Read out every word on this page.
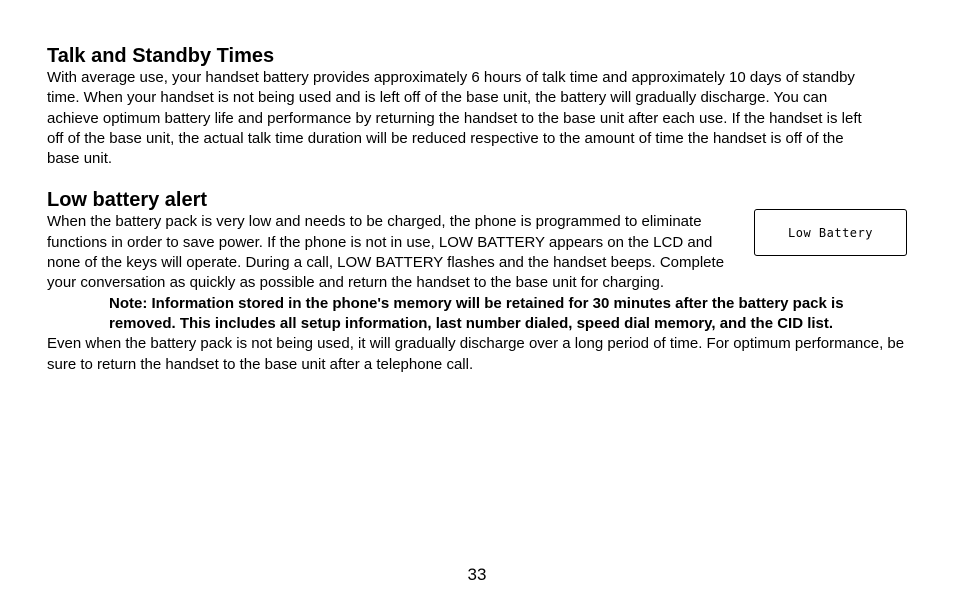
Talk and Standby Times

With average use, your handset battery provides approximately 6 hours of talk time and approximately 10 days of standby time. When your handset is not being used and is left off of the base unit, the battery will gradually discharge. You can achieve optimum battery life and performance by returning the handset to the base unit after each use. If the handset is left off of the base unit, the actual talk time duration will be reduced respective to the amount of time the handset is off of the base unit.

Low battery alert
Low Battery

When the battery pack is very low and needs to be charged, the phone is programmed to eliminate functions in order to save power. If the phone is not in use, LOW BATTERY appears on the LCD and none of the keys will operate. During a call, LOW BATTERY flashes and the handset beeps. Complete your conversation as quickly as possible and return the handset to the base unit for charging.

Note: Information stored in the phone's memory will be retained for 30 minutes after the battery pack is removed. This includes all setup information, last number dialed, speed dial memory, and the CID list.

Even when the battery pack is not being used, it will gradually discharge over a long period of time. For optimum performance, be sure to return the handset to the base unit after a telephone call.

33
